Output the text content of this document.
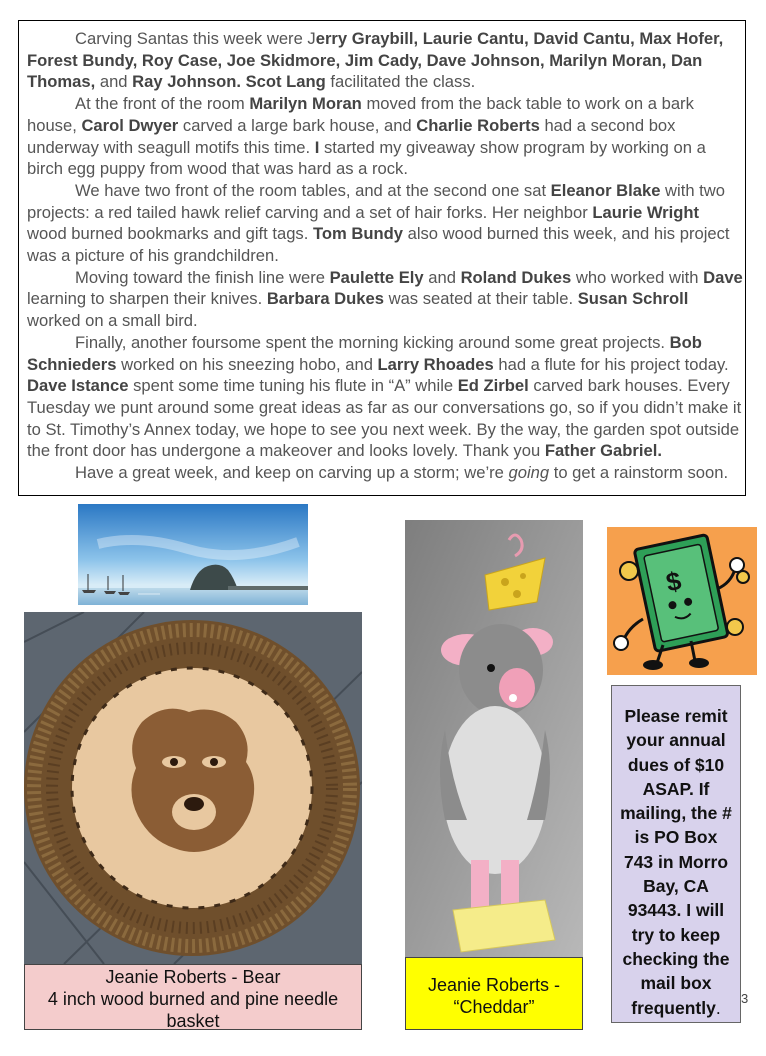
Carving Santas this week were Jerry Graybill, Laurie Cantu, David Cantu, Max Hofer, Forest Bundy, Roy Case, Joe Skidmore, Jim Cady, Dave Johnson, Marilyn Moran, Dan Thomas, and Ray Johnson. Scot Lang facilitated the class.

At the front of the room Marilyn Moran moved from the back table to work on a bark house, Carol Dwyer carved a large bark house, and Charlie Roberts had a second box underway with seagull motifs this time. I started my giveaway show program by working on a birch egg puppy from wood that was hard as a rock.

We have two front of the room tables, and at the second one sat Eleanor Blake with two projects: a red tailed hawk relief carving and a set of hair forks. Her neighbor Laurie Wright wood burned bookmarks and gift tags. Tom Bundy also wood burned this week, and his project was a picture of his grandchildren.

Moving toward the finish line were Paulette Ely and Roland Dukes who worked with Dave learning to sharpen their knives. Barbara Dukes was seated at their table. Susan Schroll worked on a small bird.

Finally, another foursome spent the morning kicking around some great projects. Bob Schnieders worked on his sneezing hobo, and Larry Rhoades had a flute for his project today. Dave Istance spent some time tuning his flute in “A” while Ed Zirbel carved bark houses. Every Tuesday we punt around some great ideas as far as our conversations go, so if you didn’t make it to St. Timothy’s Annex today, we hope to see you next week. By the way, the garden spot outside the front door has undergone a makeover and looks lovely. Thank you Father Gabriel.

Have a great week, and keep on carving up a storm; we’re going to get a rainstorm soon.

Jeanie Roberts - Bear
4 inch wood burned and pine needle basket
Jeanie Roberts - “Cheddar”
$
Please remit your annual dues of $10 ASAP. If mailing, the # is PO Box 743 in Morro Bay, CA 93443. I will try to keep checking the mail box frequently.	3
